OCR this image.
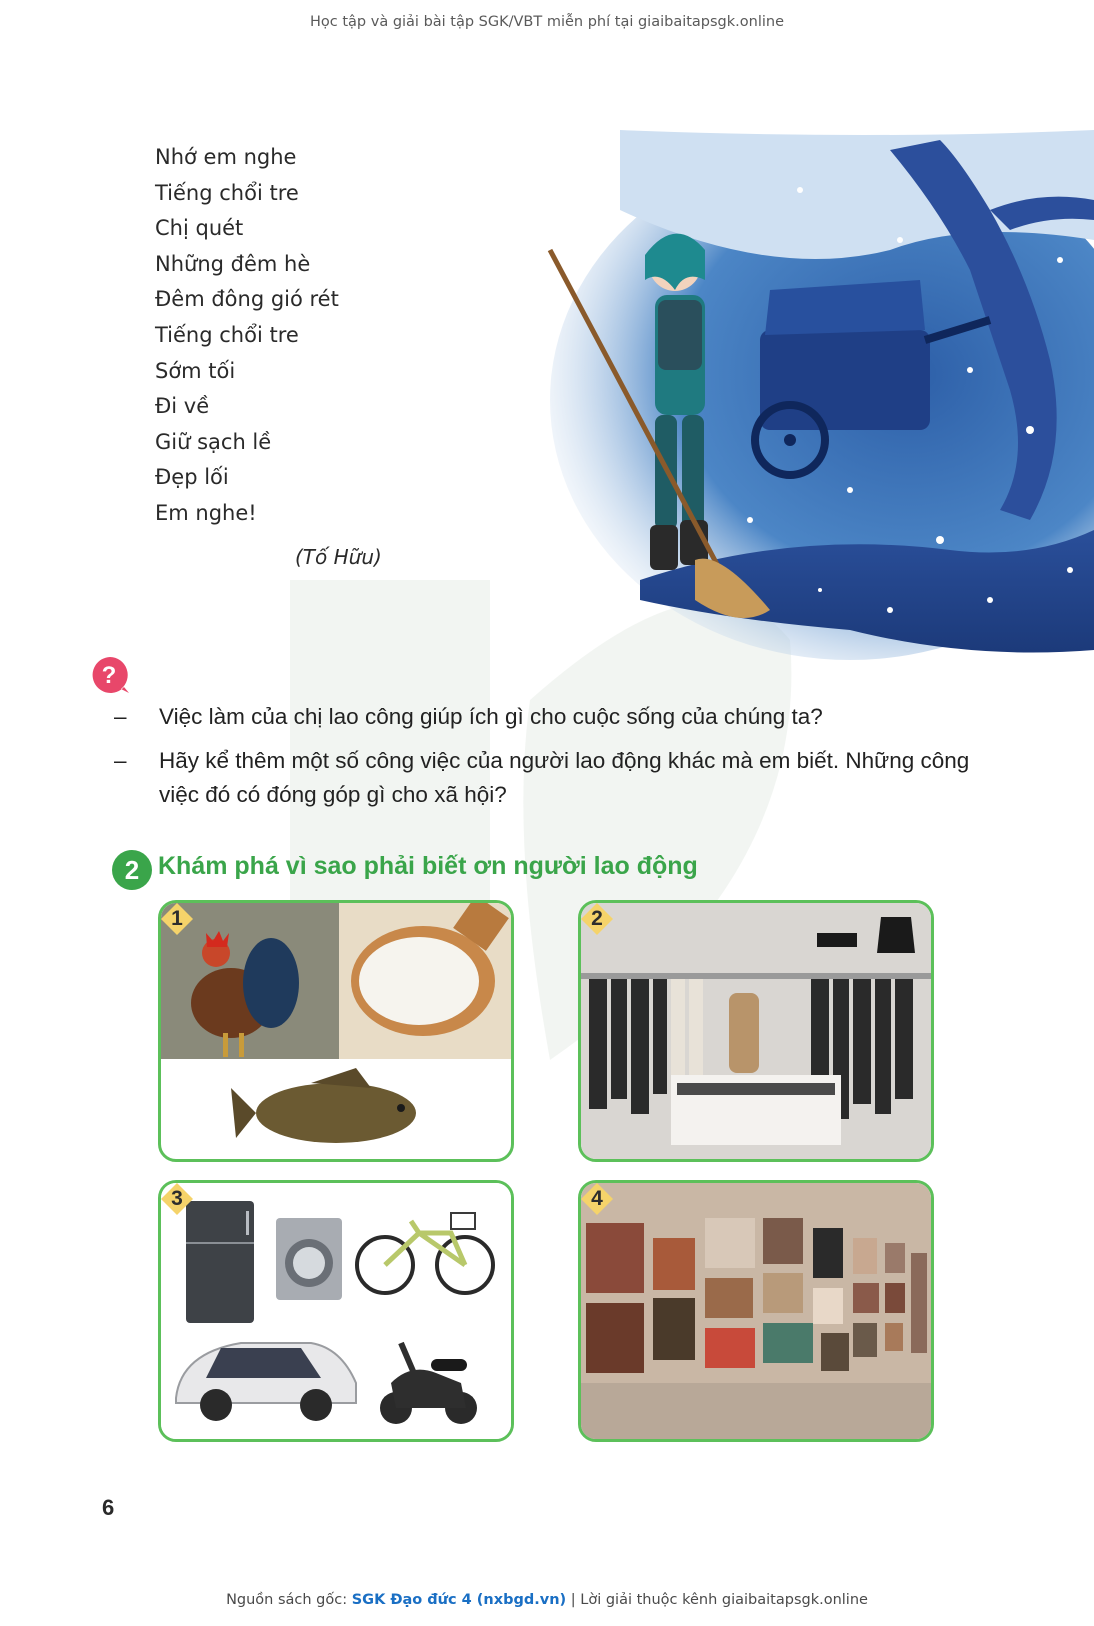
Học tập và giải bài tập SGK/VBT miễn phí tại giaibaitapsgk.online
Nhớ em nghe
Tiếng chổi tre
Chị quét
Những đêm hè
Đêm đông gió rét
Tiếng chổi tre
Sớm tối
Đi về
Giữ sạch lề
Đẹp lối
Em nghe!
(Tố Hữu)
?
– Việc làm của chị lao công giúp ích gì cho cuộc sống của chúng ta?
– Hãy kể thêm một số công việc của người lao động khác mà em biết. Những công việc đó có đóng góp gì cho xã hội?
2 Khám phá vì sao phải biết ơn người lao động
1	2
3	4
6
Nguồn sách gốc: SGK Đạo đức 4 (nxbgd.vn) | Lời giải thuộc kênh giaibaitapsgk.online
